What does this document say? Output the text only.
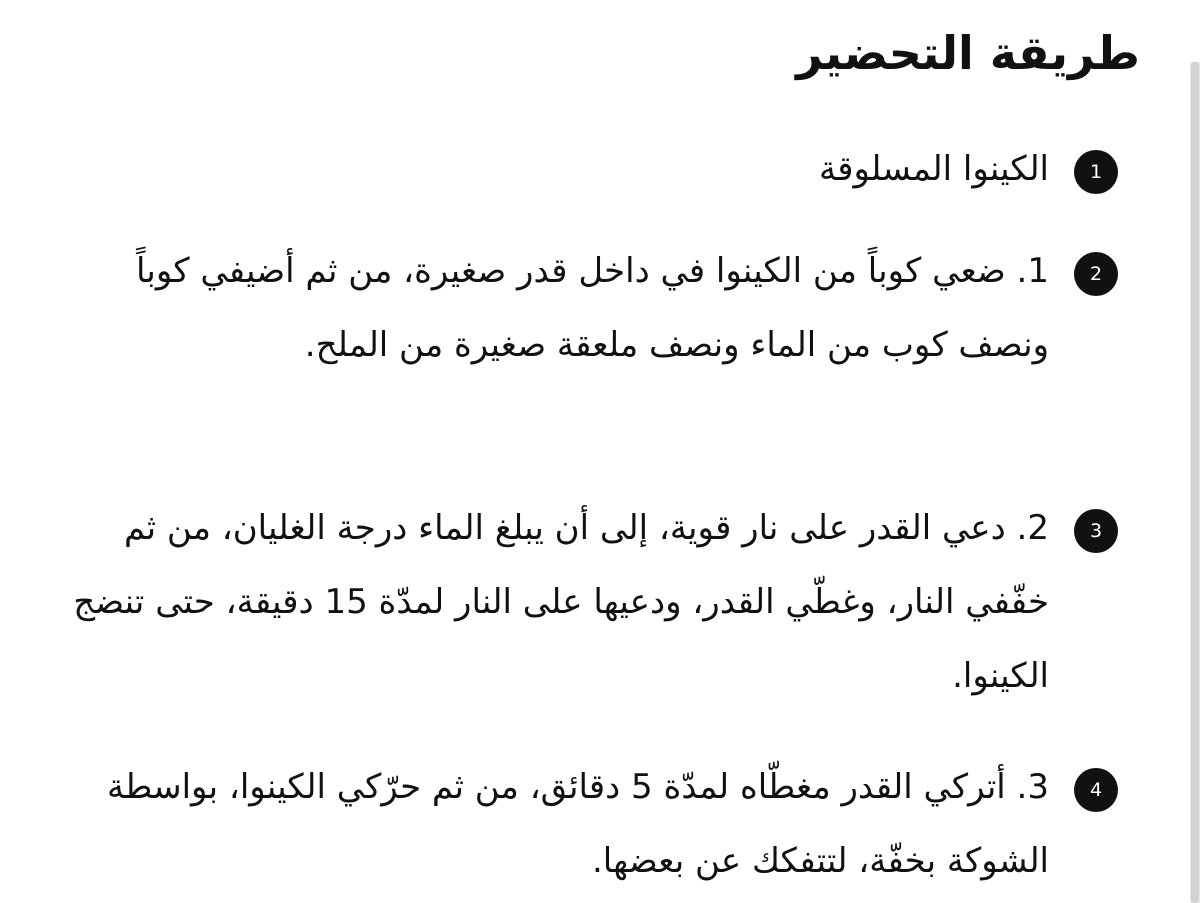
طريقة التحضير
1

الكينوا المسلوقة

2

1. ضعي كوباً من الكينوا في داخل قدر صغيرة، من ثم أضيفي كوباً ونصف كوب من الماء ونصف ملعقة صغيرة من الملح.

3

2. دعي القدر على نار قوية، إلى أن يبلغ الماء درجة الغليان، من ثم خفّفي النار، وغطّي القدر، ودعيها على النار لمدّة 15 دقيقة، حتى تنضج الكينوا.

4

3. أتركي القدر مغطّاه لمدّة 5 دقائق، من ثم حرّكي الكينوا، بواسطة الشوكة بخفّة، لتتفكك عن بعضها.
